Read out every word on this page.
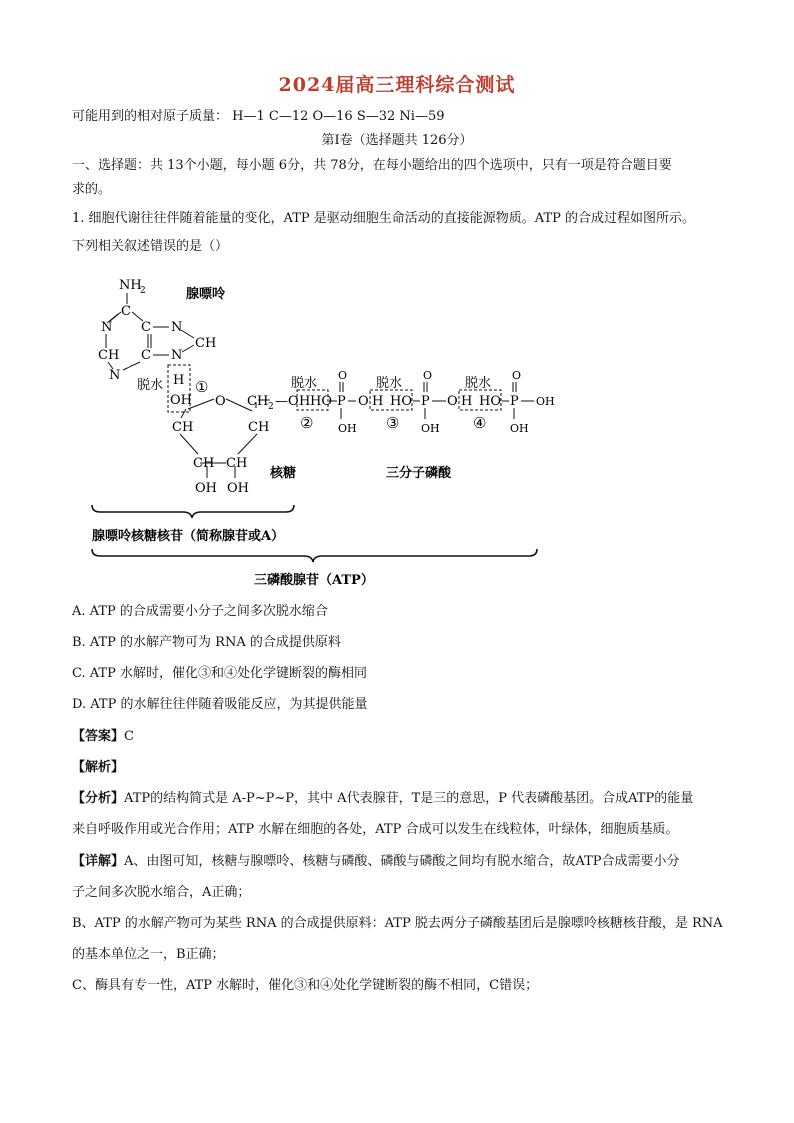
2024届高三理科综合测试
可能用到的相对原子质量： H—1 C—12 O—16 S—32 Ni—59
第Ⅰ卷（选择题共 126分）
一、选择题：共 13个小题，每小题 6分，共 78分，在每小题给出的四个选项中，只有一项是符合题目要
求的。
1. 细胞代谢往往伴随着能量的变化，ATP 是驱动细胞生命活动的直接能源物质。ATP 的合成过程如图所示。
下列相关叙述错误的是（）
NH
2	腺嘌呤
C
N C N
CH C N
CH
N
脱水 H
OH
①
O
CH	CH
CH CH
OH OH
核糖
CH 2 —O
脱水
H HO
②
P
O
OH
脱水
O H HO
③
P
O
OH
O
脱水
H HO
④
P
O
OH
OH
三分子磷酸
腺嘌呤核糖核苷（简称腺苷或A）
三磷酸腺苷（ATP）
A. ATP 的合成需要小分子之间多次脱水缩合
B. ATP 的水解产物可为 RNA 的合成提供原料
C. ATP 水解时，催化③和④处化学键断裂的酶相同
D. ATP 的水解往往伴随着吸能反应，为其提供能量
【答案】C
【解析】
【分析】ATP的结构简式是 A-P~P~P，其中 A代表腺苷，T是三的意思，P 代表磷酸基团。合成ATP的能量
来自呼吸作用或光合作用；ATP 水解在细胞的各处，ATP 合成可以发生在线粒体，叶绿体，细胞质基质。
【详解】A、由图可知，核糖与腺嘌呤、核糖与磷酸、磷酸与磷酸之间均有脱水缩合，故ATP合成需要小分
子之间多次脱水缩合，A正确；
B、ATP 的水解产物可为某些 RNA 的合成提供原料：ATP 脱去两分子磷酸基团后是腺嘌呤核糖核苷酸，是 RNA
的基本单位之一，B正确；
C、酶具有专一性，ATP 水解时，催化③和④处化学键断裂的酶不相同，C错误；
